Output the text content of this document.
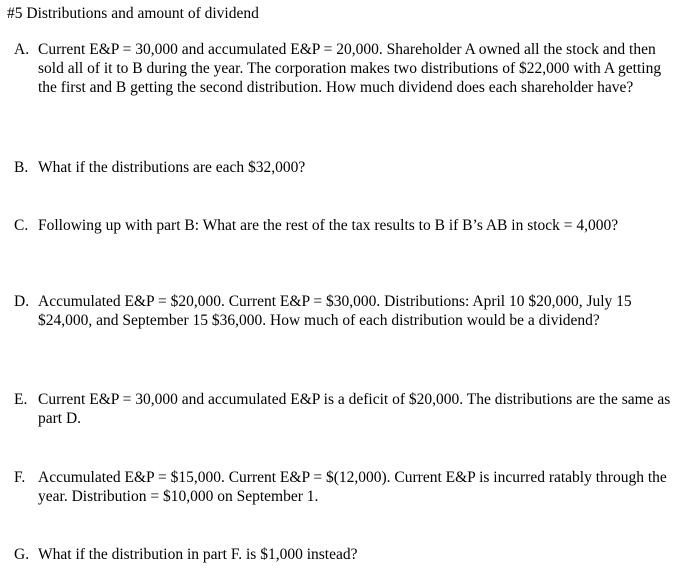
#5 Distributions and amount of dividend
A. Current E&P = 30,000 and accumulated E&P = 20,000. Shareholder A owned all the stock and then sold all of it to B during the year. The corporation makes two distributions of $22,000 with A getting the first and B getting the second distribution. How much dividend does each shareholder have?
B. What if the distributions are each $32,000?
C. Following up with part B: What are the rest of the tax results to B if B’s AB in stock = 4,000?
D. Accumulated E&P = $20,000. Current E&P = $30,000. Distributions: April 10 $20,000, July 15 $24,000, and September 15 $36,000. How much of each distribution would be a dividend?
E. Current E&P = 30,000 and accumulated E&P is a deficit of $20,000. The distributions are the same as part D.
F. Accumulated E&P = $15,000. Current E&P = $(12,000). Current E&P is incurred ratably through the year. Distribution = $10,000 on September 1.
G. What if the distribution in part F. is $1,000 instead?
